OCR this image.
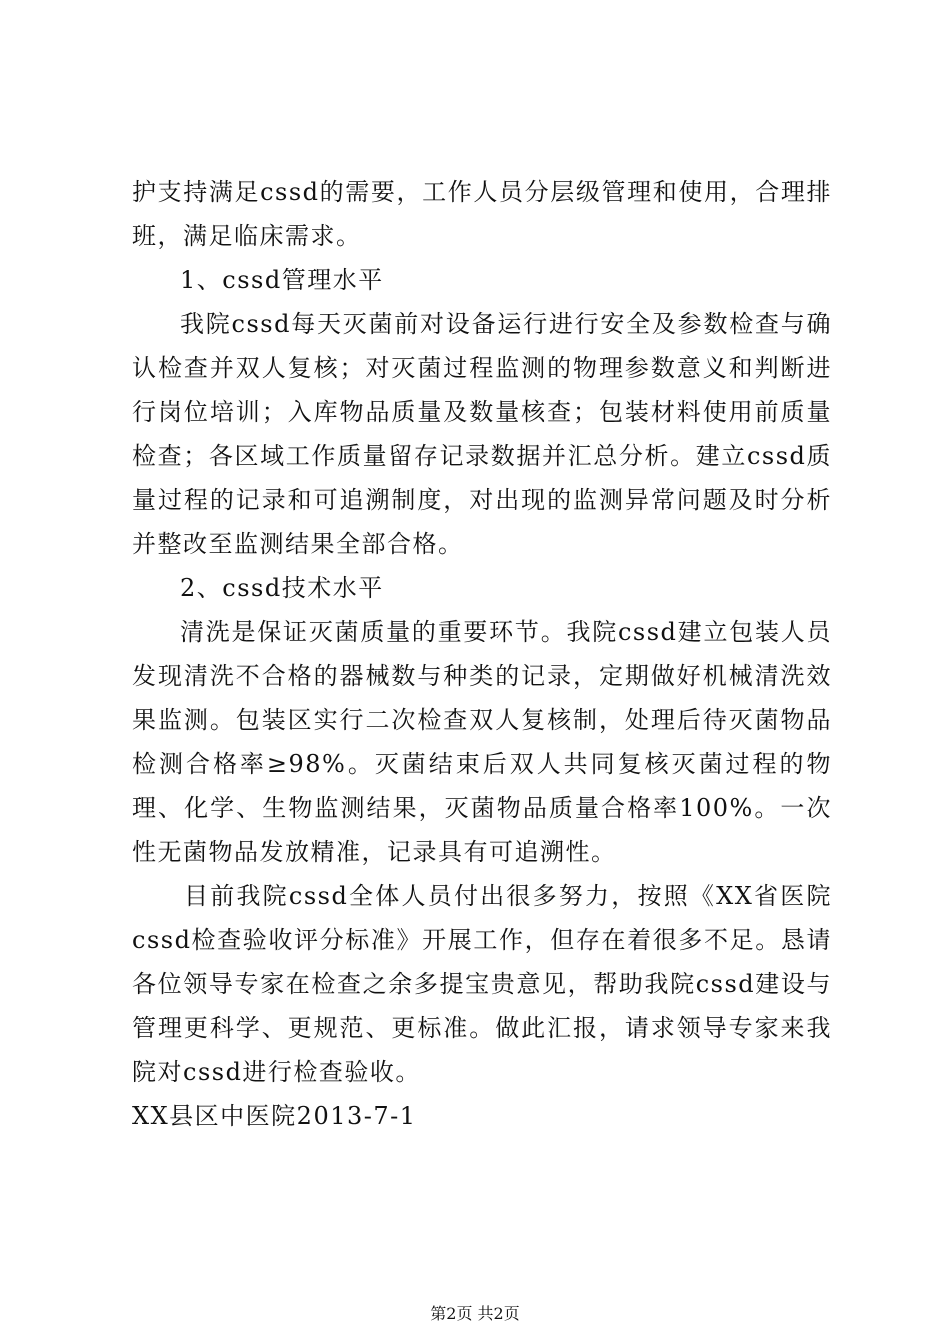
护支持满足cssd的需要，工作人员分层级管理和使用，合理排班，满足临床需求。

1、cssd管理水平

我院cssd每天灭菌前对设备运行进行安全及参数检查与确认检查并双人复核；对灭菌过程监测的物理参数意义和判断进行岗位培训；入库物品质量及数量核查；包装材料使用前质量检查；各区域工作质量留存记录数据并汇总分析。建立cssd质量过程的记录和可追溯制度，对出现的监测异常问题及时分析并整改至监测结果全部合格。

2、cssd技术水平

清洗是保证灭菌质量的重要环节。我院cssd建立包装人员发现清洗不合格的器械数与种类的记录，定期做好机械清洗效果监测。包装区实行二次检查双人复核制，处理后待灭菌物品检测合格率≥98%。灭菌结束后双人共同复核灭菌过程的物理、化学、生物监测结果，灭菌物品质量合格率100%。一次性无菌物品发放精准，记录具有可追溯性。

目前我院cssd全体人员付出很多努力，按照《XX省医院cssd检查验收评分标准》开展工作，但存在着很多不足。恳请各位领导专家在检查之余多提宝贵意见，帮助我院cssd建设与管理更科学、更规范、更标准。做此汇报，请求领导专家来我院对cssd进行检查验收。

XX县区中医院2013-7-1

第2页 共2页
